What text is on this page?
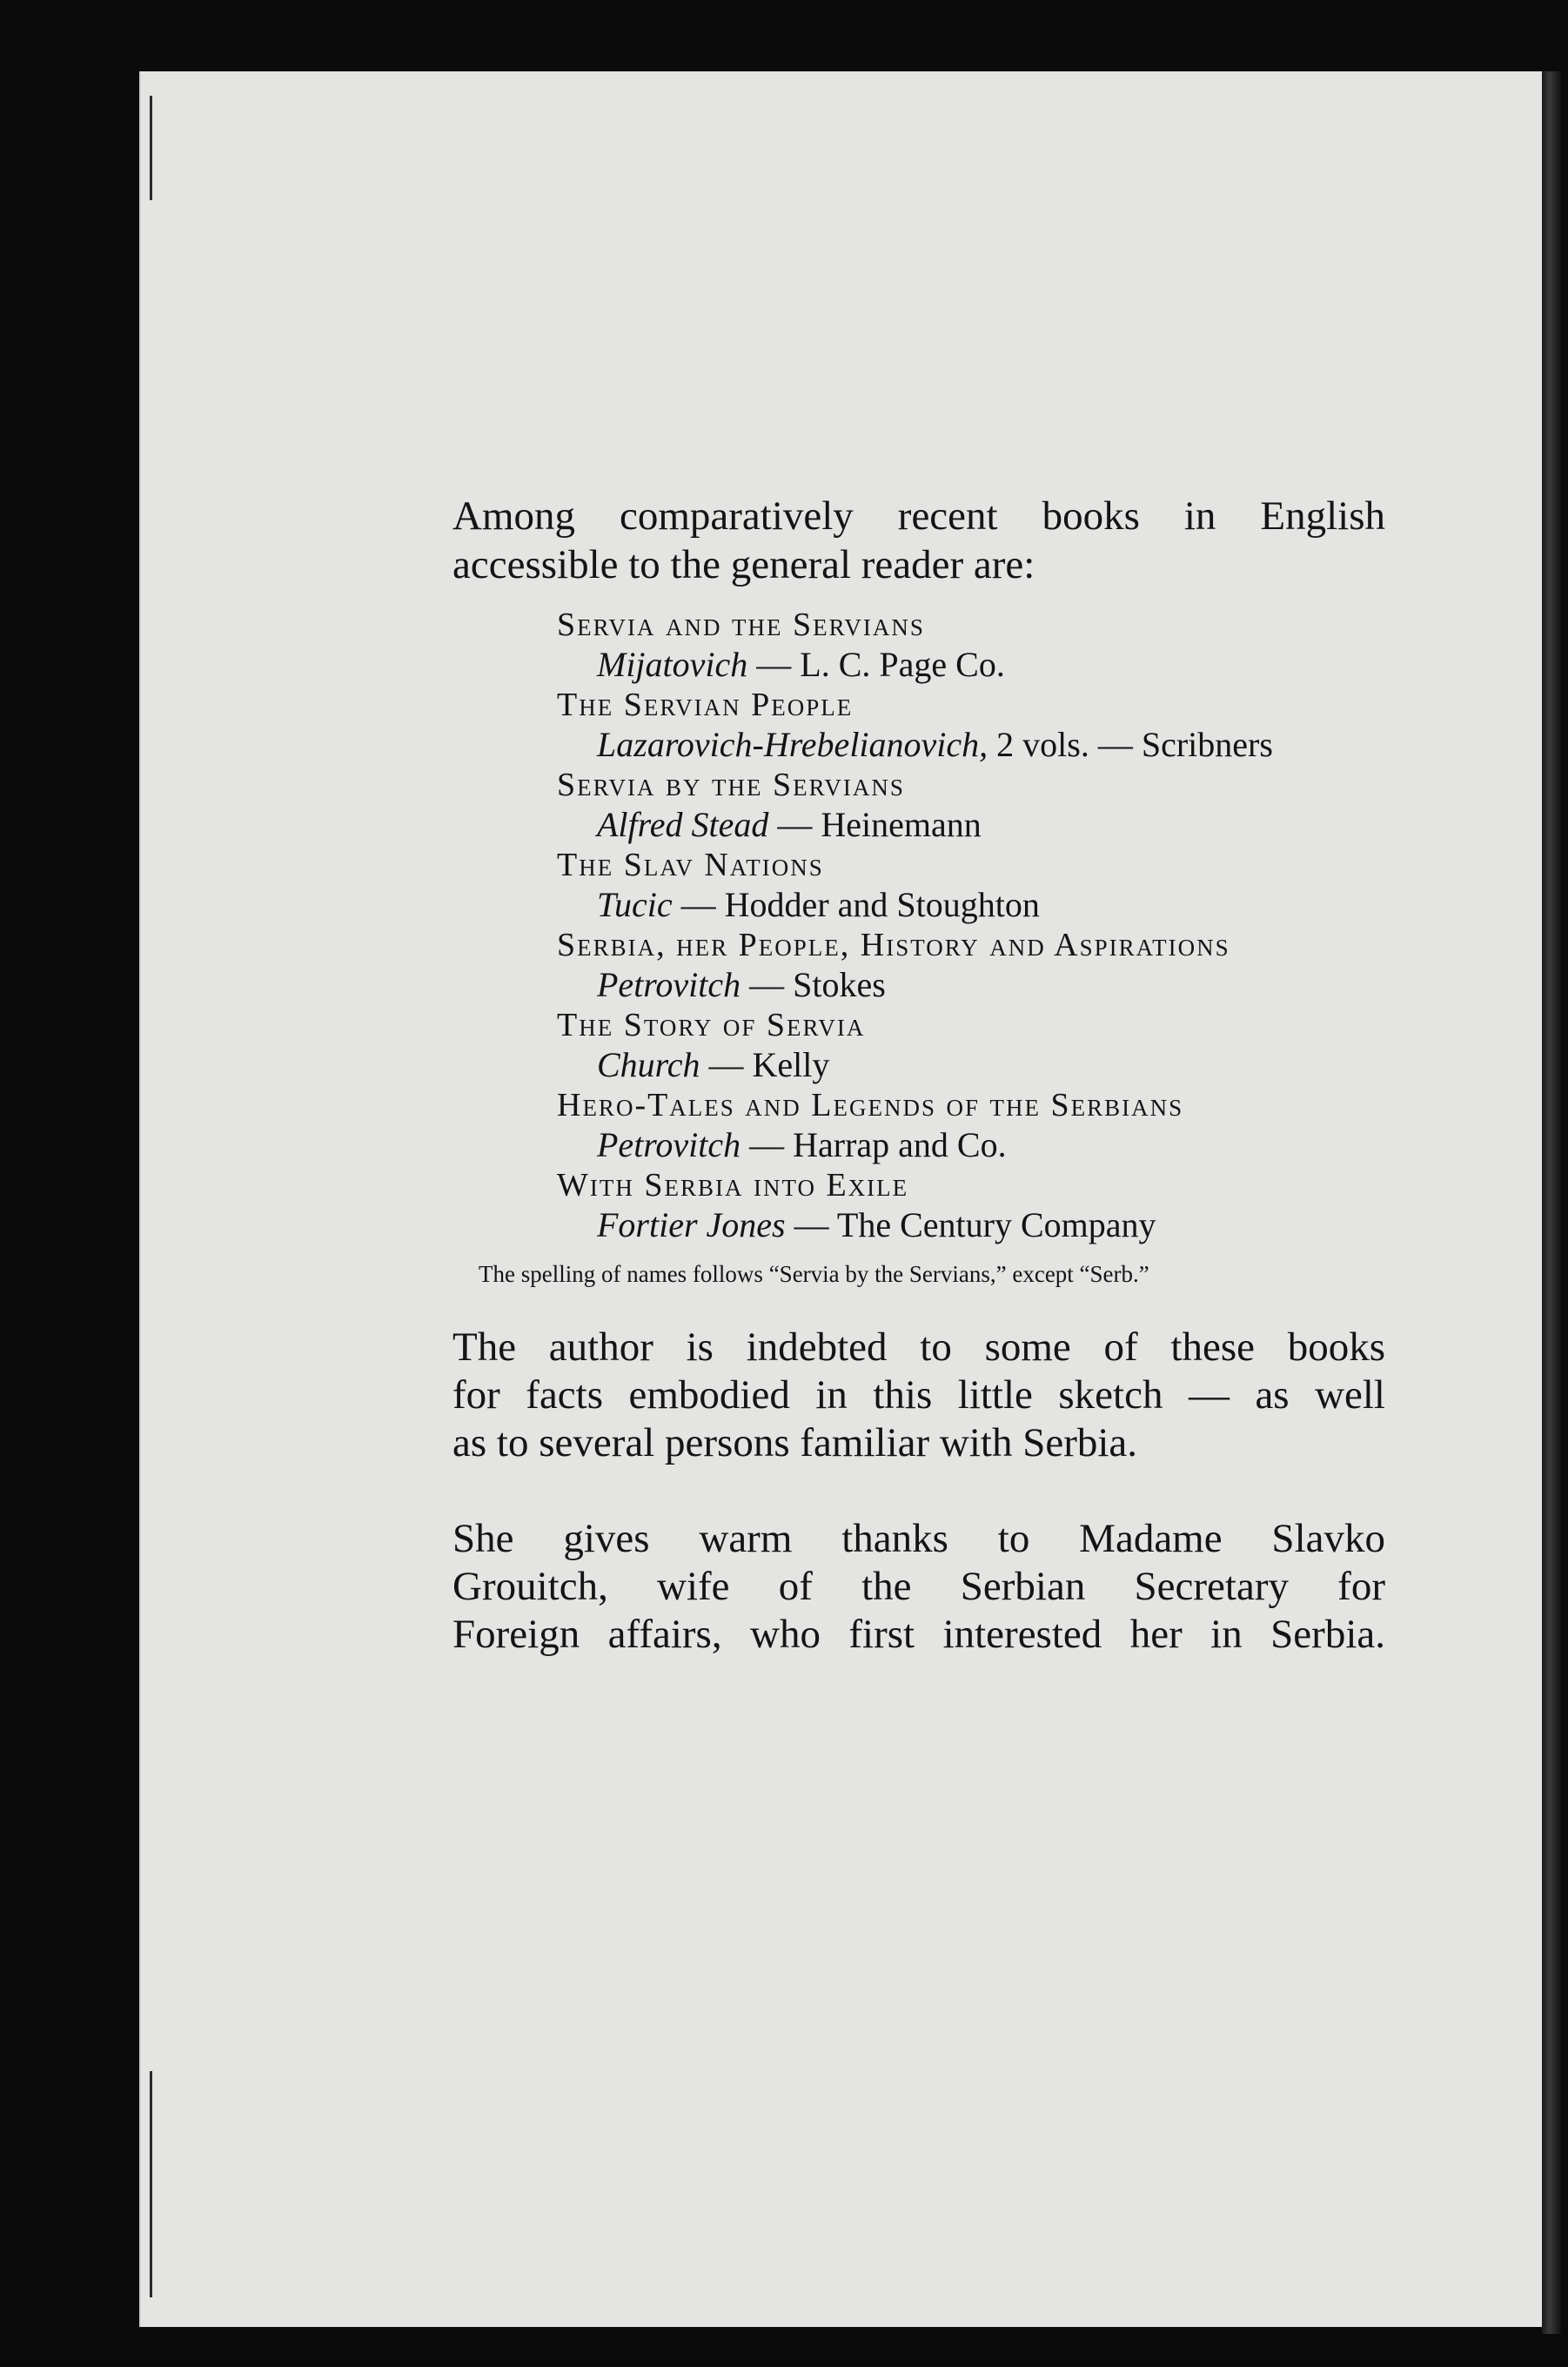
Among comparatively recent books in English
accessible to the general reader are:

Servia and the Servians
Mijatovich — L. C. Page Co.
The Servian People
Lazarovich-Hrebelianovich, 2 vols. — Scribners
Servia by the Servians
Alfred Stead — Heinemann
The Slav Nations
Tucic — Hodder and Stoughton
Serbia, her People, History and Aspirations
Petrovitch — Stokes
The Story of Servia
Church — Kelly
Hero-Tales and Legends of the Serbians
Petrovitch — Harrap and Co.
With Serbia into Exile
Fortier Jones — The Century Company

The spelling of names follows “Servia by the Servians,” except “Serb.”

The author is indebted to some of these books
for facts embodied in this little sketch — as well
as to several persons familiar with Serbia.

She gives warm thanks to Madame Slavko
Grouitch, wife of the Serbian Secretary for
Foreign affairs, who first interested her in Serbia.
